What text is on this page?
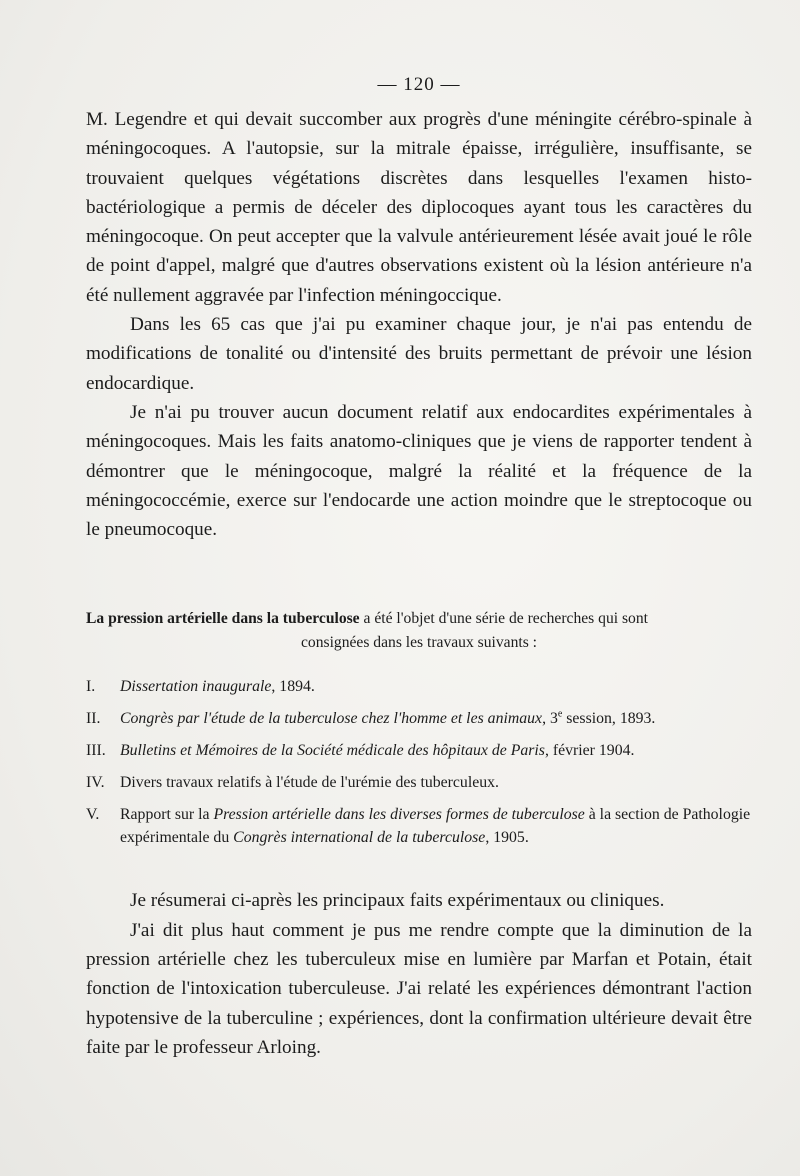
— 120 —

M. Legendre et qui devait succomber aux progrès d'une méningite cérébro-spinale à méningocoques. A l'autopsie, sur la mitrale épaisse, irrégulière, insuffisante, se trouvaient quelques végétations discrètes dans lesquelles l'examen histo-bactériologique a permis de déceler des diplocoques ayant tous les caractères du méningocoque. On peut accepter que la valvule antérieurement lésée avait joué le rôle de point d'appel, malgré que d'autres observations existent où la lésion antérieure n'a été nullement aggravée par l'infection méningoccique.

Dans les 65 cas que j'ai pu examiner chaque jour, je n'ai pas entendu de modifications de tonalité ou d'intensité des bruits permettant de prévoir une lésion endocardique.

Je n'ai pu trouver aucun document relatif aux endocardites expérimentales à méningocoques. Mais les faits anatomo-cliniques que je viens de rapporter tendent à démontrer que le méningocoque, malgré la réalité et la fréquence de la méningococcémie, exerce sur l'endocarde une action moindre que le streptocoque ou le pneumocoque.

La pression artérielle dans la tuberculose a été l'objet d'une série de recherches qui sont
consignées dans les travaux suivants :

I. Dissertation inaugurale, 1894.
II. Congrès par l'étude de la tuberculose chez l'homme et les animaux, 3e session, 1893.
III. Bulletins et Mémoires de la Société médicale des hôpitaux de Paris, février 1904.
IV. Divers travaux relatifs à l'étude de l'urémie des tuberculeux.
V. Rapport sur la Pression artérielle dans les diverses formes de tuberculose à la section de Pathologie expérimentale du Congrès international de la tuberculose, 1905.

Je résumerai ci-après les principaux faits expérimentaux ou cliniques.

J'ai dit plus haut comment je pus me rendre compte que la diminution de la pression artérielle chez les tuberculeux mise en lumière par Marfan et Potain, était fonction de l'intoxication tuberculeuse. J'ai relaté les expériences démontrant l'action hypotensive de la tuberculine ; expériences, dont la confirmation ultérieure devait être faite par le professeur Arloing.
